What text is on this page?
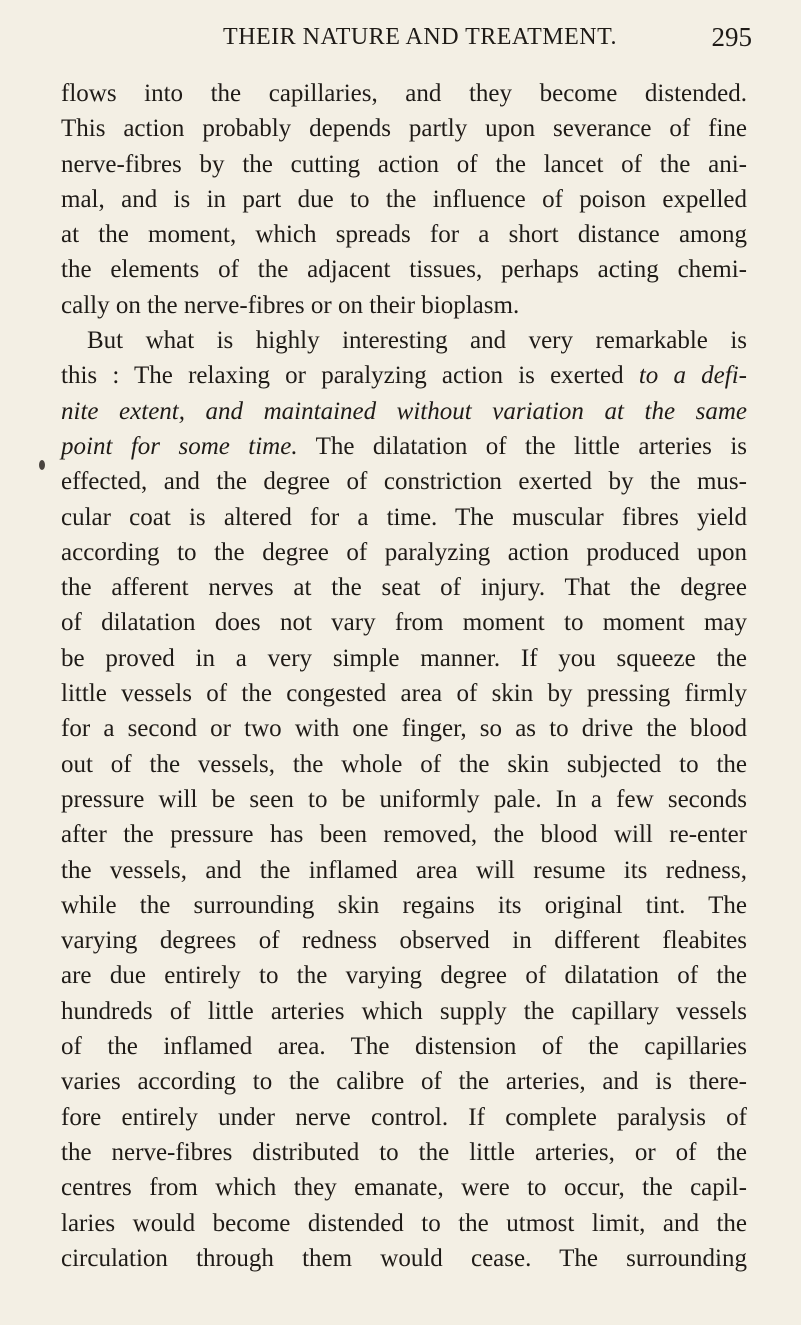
THEIR NATURE AND TREATMENT.	295
flows into the capillaries, and they become distended.
This action probably depends partly upon severance of fine
nerve-fibres by the cutting action of the lancet of the ani-
mal, and is in part due to the influence of poison expelled
at the moment, which spreads for a short distance among
the elements of the adjacent tissues, perhaps acting chemi-
cally on the nerve-fibres or on their bioplasm.
But what is highly interesting and very remarkable is
this : The relaxing or paralyzing action is exerted to a defi-
nite extent, and maintained without variation at the same
point for some time. The dilatation of the little arteries is
effected, and the degree of constriction exerted by the mus-
cular coat is altered for a time. The muscular fibres yield
according to the degree of paralyzing action produced upon
the afferent nerves at the seat of injury. That the degree
of dilatation does not vary from moment to moment may
be proved in a very simple manner. If you squeeze the
little vessels of the congested area of skin by pressing firmly
for a second or two with one finger, so as to drive the blood
out of the vessels, the whole of the skin subjected to the
pressure will be seen to be uniformly pale. In a few seconds
after the pressure has been removed, the blood will re-enter
the vessels, and the inflamed area will resume its redness,
while the surrounding skin regains its original tint. The
varying degrees of redness observed in different fleabites
are due entirely to the varying degree of dilatation of the
hundreds of little arteries which supply the capillary vessels
of the inflamed area. The distension of the capillaries
varies according to the calibre of the arteries, and is there-
fore entirely under nerve control. If complete paralysis of
the nerve-fibres distributed to the little arteries, or of the
centres from which they emanate, were to occur, the capil-
laries would become distended to the utmost limit, and the
circulation through them would cease. The surrounding
